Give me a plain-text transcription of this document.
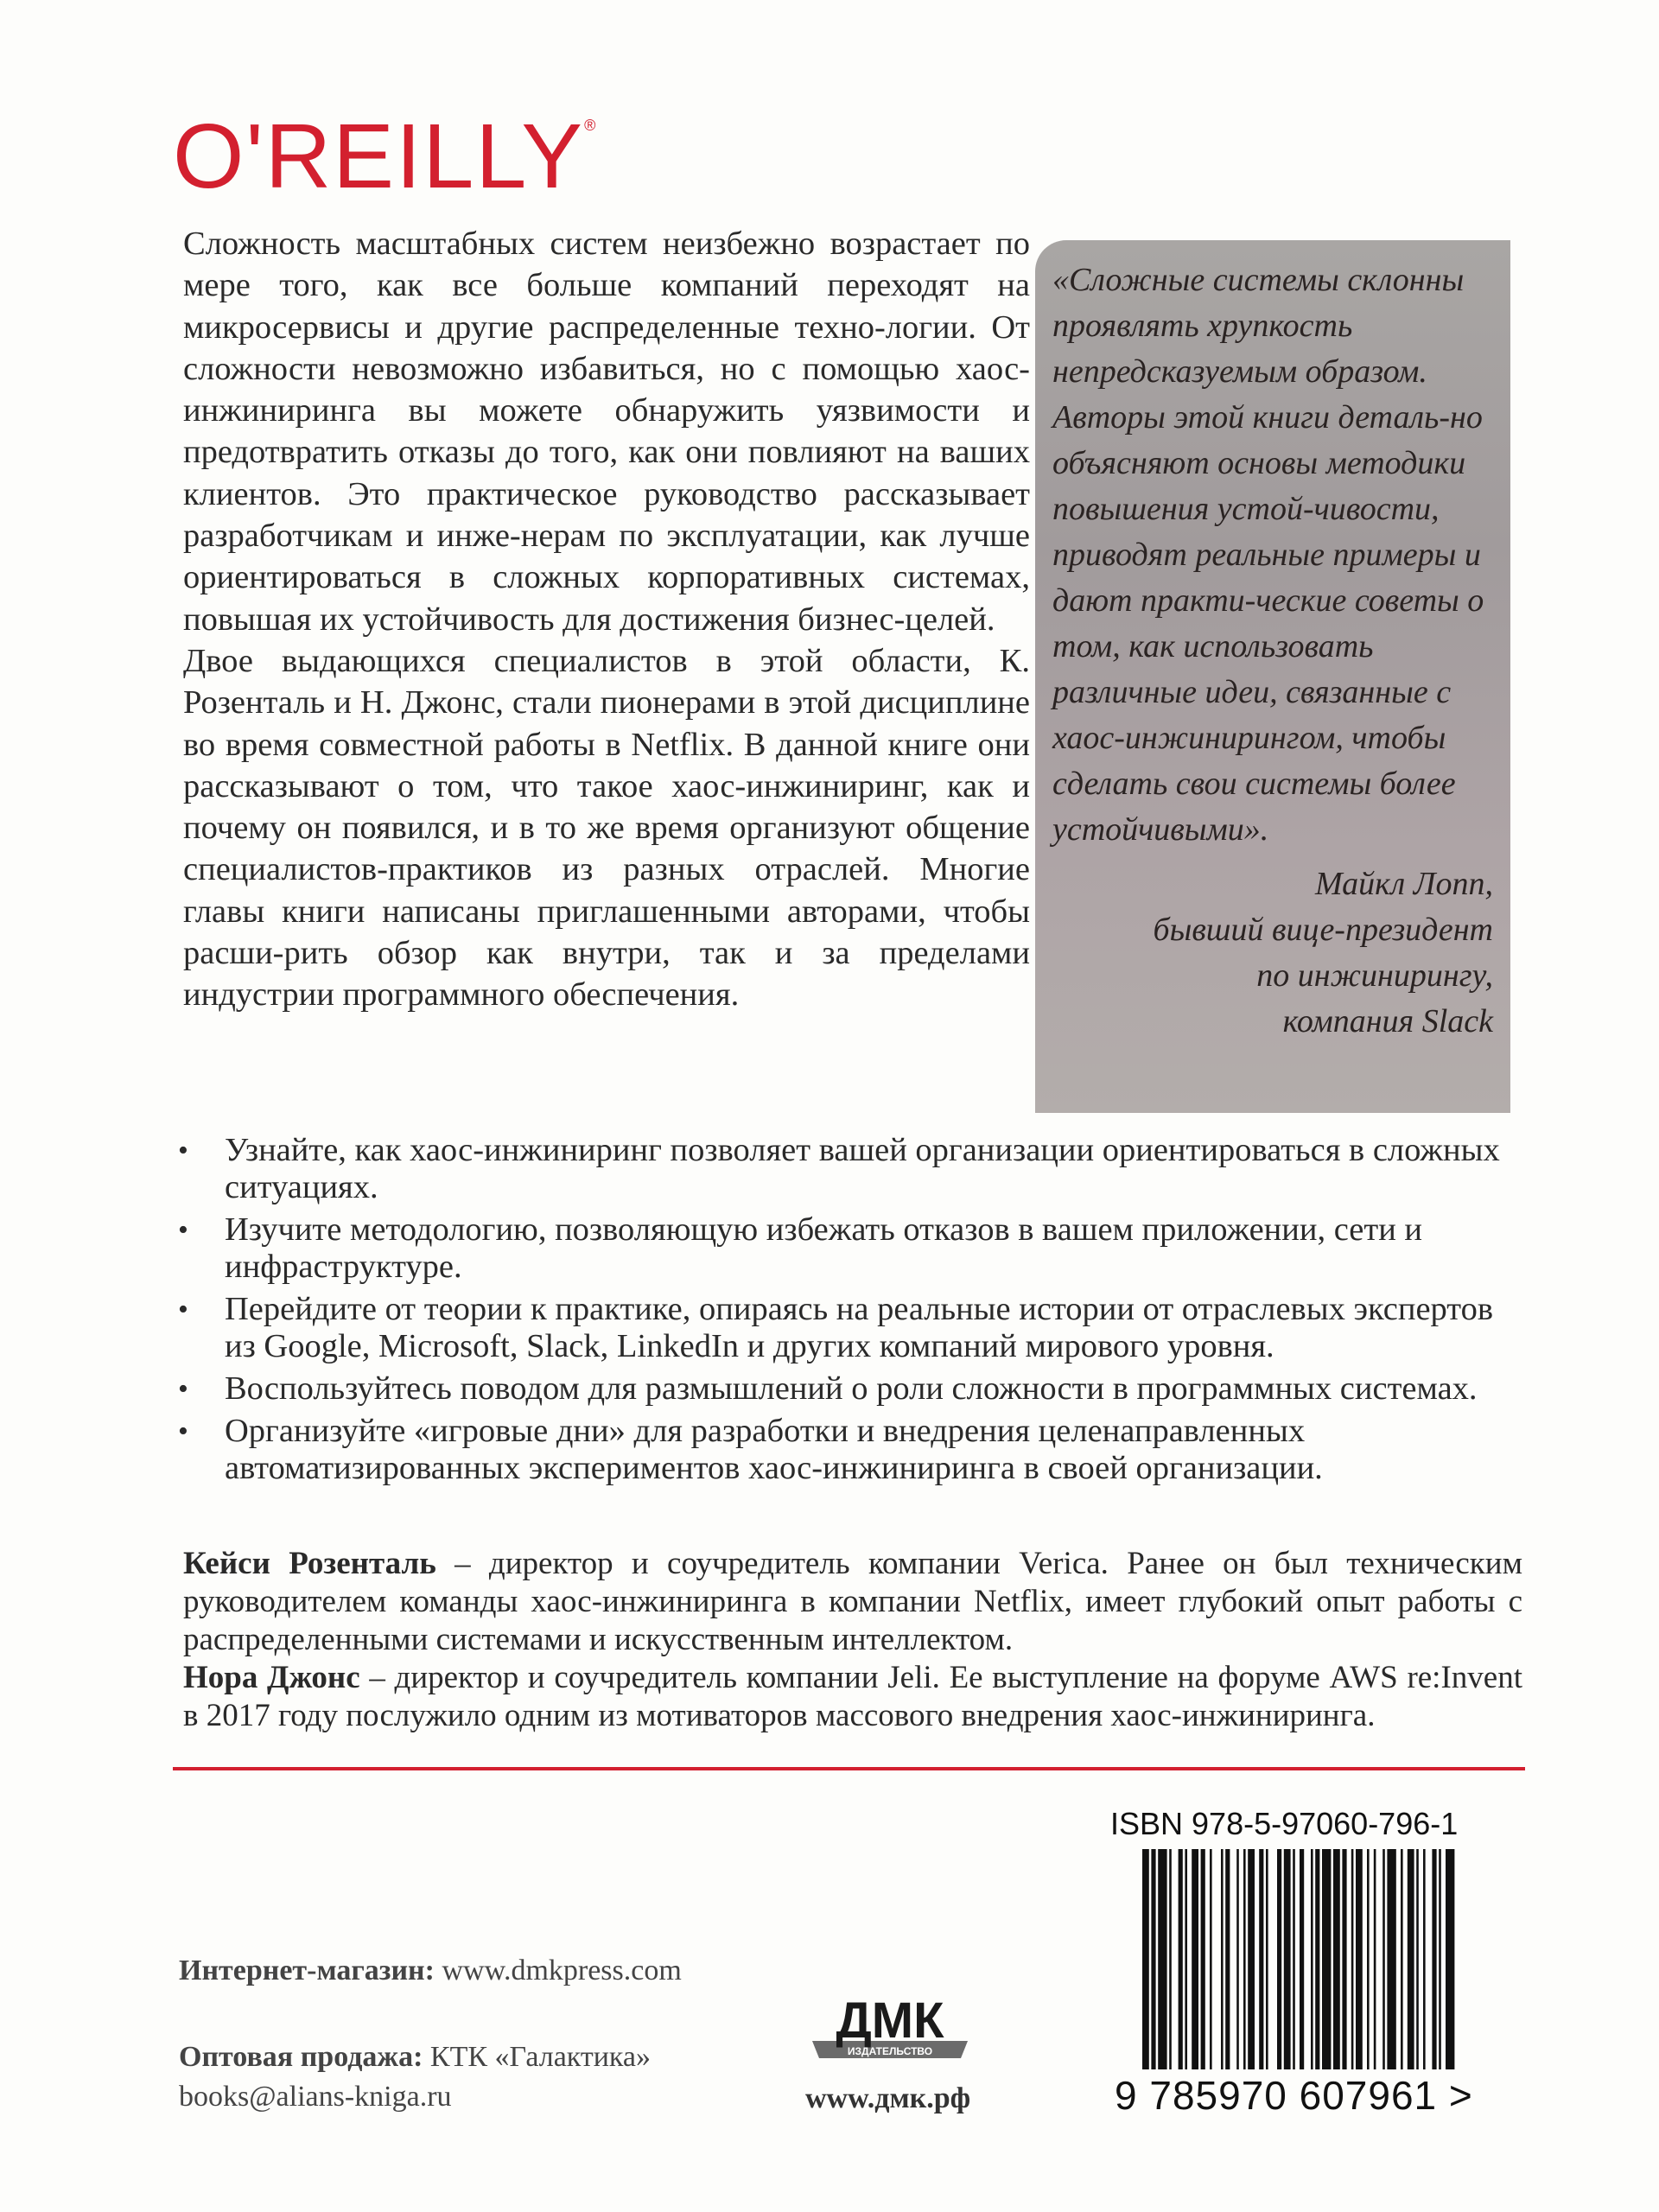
O'REILLY®

Сложность масштабных систем неизбежно возрастает по мере того, как все больше компаний переходят на микросервисы и другие распределенные техно-логии. От сложности невозможно избавиться, но с помощью хаос-инжиниринга вы можете обнаружить уязвимости и предотвратить отказы до того, как они повлияют на ваших клиентов. Это практическое руководство рассказывает разработчикам и инже-нерам по эксплуатации, как лучше ориентироваться в сложных корпоративных системах, повышая их устойчивость для достижения бизнес-целей.

Двое выдающихся специалистов в этой области, К. Розенталь и Н. Джонс, стали пионерами в этой дисциплине во время совместной работы в Netflix. В данной книге они рассказывают о том, что такое хаос-инжиниринг, как и почему он появился, и в то же время организуют общение специалистов-практиков из разных отраслей. Многие главы книги написаны приглашенными авторами, чтобы расши-рить обзор как внутри, так и за пределами индустрии программного обеспечения.

«Сложные системы склонны проявлять хрупкость непредсказуемым образом. Авторы этой книги деталь-но объясняют основы методики повышения устой-чивости, приводят реальные примеры и дают практи-ческие советы о том, как использовать различные идеи, связанные с хаос-инжинирингом, чтобы сделать свои системы более устойчивыми».

Майкл Лопп,
бывший вице-президент
по инжинирингу,
компания Slack
• Узнайте, как хаос-инжиниринг позволяет вашей организации ориентироваться в сложных ситуациях.
• Изучите методологию, позволяющую избежать отказов в вашем приложении, сети и инфраструктуре.
• Перейдите от теории к практике, опираясь на реальные истории от отраслевых экспертов из Google, Microsoft, Slack, LinkedIn и других компаний мирового уровня.
• Воспользуйтесь поводом для размышлений о роли сложности в программных системах.
• Организуйте «игровые дни» для разработки и внедрения целенаправленных автоматизированных экспериментов хаос-инжиниринга в своей организации.

Кейси Розенталь – директор и соучредитель компании Verica. Ранее он был техническим руководителем команды хаос-инжиниринга в компании Netflix, имеет глубокий опыт работы с распределенными системами и искусственным интеллектом.

Нора Джонс – директор и соучредитель компании Jeli. Ее выступление на форуме AWS re:Invent в 2017 году послужило одним из мотиваторов массового внедрения хаос-инжиниринга.

ISBN 978-5-97060-796-1
9 785970 607961 >
Интернет-магазин: www.dmkpress.com
Оптовая продажа: КТК «Галактика»
books@alians-kniga.ru
ДМК
ИЗДАТЕЛЬСТВО
www.дмк.рф
